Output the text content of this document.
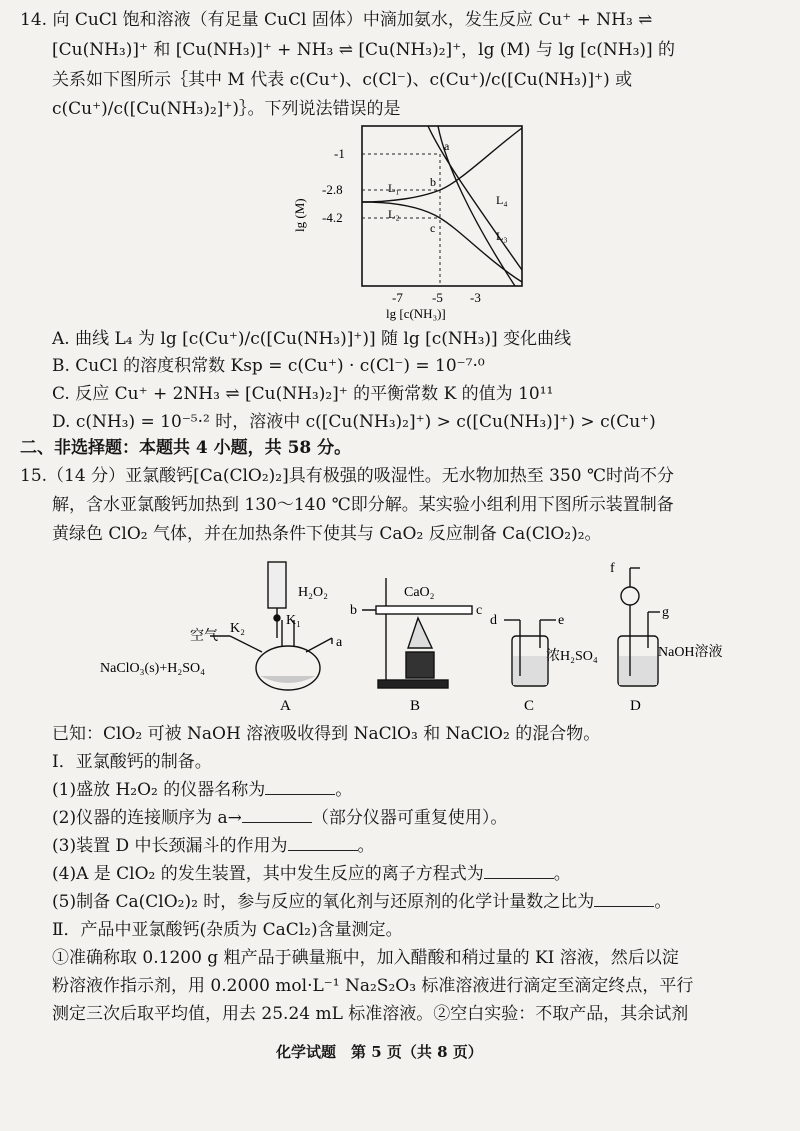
14. 向 CuCl 饱和溶液（有足量 CuCl 固体）中滴加氨水，发生反应 Cu⁺ + NH₃ ⇌
[Cu(NH₃)]⁺ 和 [Cu(NH₃)]⁺ + NH₃ ⇌ [Cu(NH₃)₂]⁺，lg (M) 与 lg [c(NH₃)] 的
关系如下图所示｛其中 M 代表 c(Cu⁺)、c(Cl⁻)、c(Cu⁺)/c([Cu(NH₃)]⁺) 或
c(Cu⁺)/c([Cu(NH₃)₂]⁺)｝。下列说法错误的是
-1
-2.8
-4.2
-7 -5 -3
lg [c(NH₃)]
lg (M)
L₁
L₂
L₃
L₄
a
b
c
A. 曲线 L₄ 为 lg [c(Cu⁺)/c([Cu(NH₃)]⁺)] 随 lg [c(NH₃)] 变化曲线
B. CuCl 的溶度积常数 Ksp = c(Cu⁺) · c(Cl⁻) = 10⁻⁷·⁰
C. 反应 Cu⁺ + 2NH₃ ⇌ [Cu(NH₃)₂]⁺ 的平衡常数 K 的值为 10¹¹
D. c(NH₃) = 10⁻⁵·² 时，溶液中 c([Cu(NH₃)₂]⁺) > c([Cu(NH₃)]⁺) > c(Cu⁺)
二、非选择题：本题共 4 小题，共 58 分。
15.（14 分）亚氯酸钙[Ca(ClO₂)₂]具有极强的吸湿性。无水物加热至 350 ℃时尚不分
解，含水亚氯酸钙加热到 130～140 ℃即分解。某实验小组利用下图所示装置制备
黄绿色 ClO₂ 气体，并在加热条件下使其与 CaO₂ 反应制备 Ca(ClO₂)₂。
H₂O₂
K₁
K₂
空气	a
NaClO₃(s)+H₂SO₄
A
CaO₂
b	c
B
d	e
浓H₂SO₄
C
f
g
NaOH溶液
D
已知：ClO₂ 可被 NaOH 溶液吸收得到 NaClO₃ 和 NaClO₂ 的混合物。
Ⅰ．亚氯酸钙的制备。
(1)盛放 H₂O₂ 的仪器名称为	。
(2)仪器的连接顺序为 a→	（部分仪器可重复使用）。
(3)装置 D 中长颈漏斗的作用为	。
(4)A 是 ClO₂ 的发生装置，其中发生反应的离子方程式为	。
(5)制备 Ca(ClO₂)₂ 时，参与反应的氧化剂与还原剂的化学计量数之比为	。
Ⅱ．产品中亚氯酸钙(杂质为 CaCl₂)含量测定。
①准确称取 0.1200 g 粗产品于碘量瓶中，加入醋酸和稍过量的 KI 溶液，然后以淀
粉溶液作指示剂，用 0.2000 mol·L⁻¹ Na₂S₂O₃ 标准溶液进行滴定至滴定终点，平行
测定三次后取平均值，用去 25.24 mL 标准溶液。②空白实验：不取产品，其余试剂
化学试题　第 5 页（共 8 页）
